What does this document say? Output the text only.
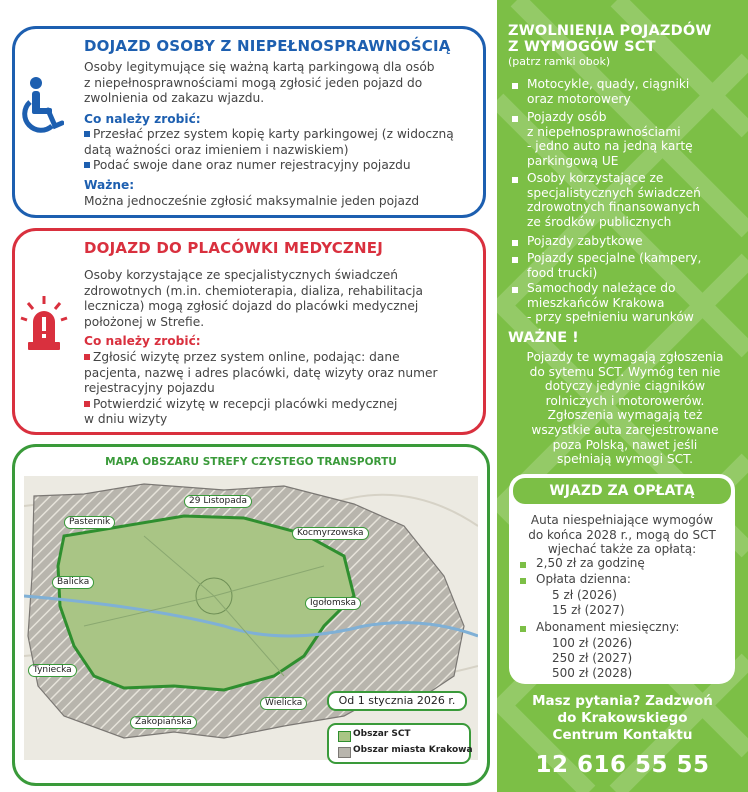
DOJAZD OSOBY Z NIEPEŁNOSPRAWNOŚCIĄ
Osoby legitymujące się ważną kartą parkingową dla osób
z niepełnosprawnościami mogą zgłosić jeden pojazd do
zwolnienia od zakazu wjazdu.
Co należy zrobić:
Przesłać przez system kopię karty parkingowej (z widoczną
datą ważności oraz imieniem i nazwiskiem)
Podać swoje dane oraz numer rejestracyjny pojazdu
Ważne:
Można jednocześnie zgłosić maksymalnie jeden pojazd
DOJAZD DO PLACÓWKI MEDYCZNEJ
Osoby korzystające ze specjalistycznych świadczeń
zdrowotnych (m.in. chemioterapia, dializa, rehabilitacja
lecznicza) mogą zgłosić dojazd do placówki medycznej
położonej w Strefie.
Co należy zrobić:
Zgłosić wizytę przez system online, podając: dane
pacjenta, nazwę i adres placówki, datę wizyty oraz numer
rejestracyjny pojazdu
Potwierdzić wizytę w recepcji placówki medycznej
w dniu wizyty
MAPA OBSZARU STREFY CZYSTEGO TRANSPORTU
29 Listopada
Pasternik
Kocmyrzowska
Balicka
Igołomska
Tyniecka
Wielicka
Zakopiańska
Od 1 stycznia 2026 r.
Obszar SCT
Obszar miasta Krakowa
ZWOLNIENIA POJAZDÓW
Z WYMOGÓW SCT
(patrz ramki obok)
Motocykle, quady, ciągniki
oraz motorowery
Pojazdy osób
z niepełnosprawnościami
- jedno auto na jedną kartę
parkingową UE
Osoby korzystające ze
specjalistycznych świadczeń
zdrowotnych finansowanych
ze środków publicznych
Pojazdy zabytkowe
Pojazdy specjalne (kampery,
food trucki)
Samochody należące do
mieszkańców Krakowa
- przy spełnieniu warunków
WAŻNE !
Pojazdy te wymagają zgłoszenia
do sytemu SCT. Wymóg ten nie
dotyczy jedynie ciągników
rolniczych i motorowerów.
Zgłoszenia wymagają też
wszystkie auta zarejestrowane
poza Polską, nawet jeśli
spełniają wymogi SCT.
WJAZD ZA OPŁATĄ
Auta niespełniające wymogów
do końca 2028 r., mogą do SCT
wjechać także za opłatą:
2,50 zł za godzinę
Opłata dzienna:
5 zł (2026)
15 zł (2027)
Abonament miesięczny:
100 zł (2026)
250 zł (2027)
500 zł (2028)
Masz pytania? Zadzwoń
do Krakowskiego
Centrum Kontaktu
12 616 55 55
